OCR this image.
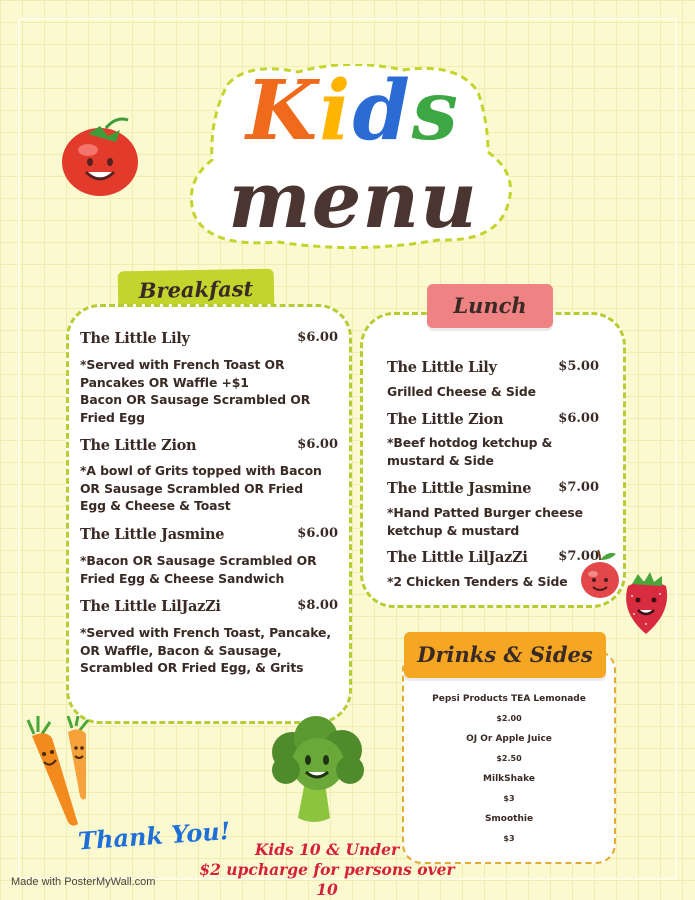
Kids
menu
Breakfast
The Little Lily	$6.00
*Served with French Toast OR
Pancakes OR Waffle +$1
Bacon OR Sausage Scrambled OR
Fried Egg
The Little Zion	$6.00
*A bowl of Grits topped with Bacon
OR Sausage Scrambled OR Fried
Egg & Cheese & Toast
The Little Jasmine	$6.00
*Bacon OR Sausage Scrambled OR
Fried Egg & Cheese Sandwich
The Little LilJazZi	$8.00
*Served with French Toast, Pancake,
OR Waffle, Bacon & Sausage,
Scrambled OR Fried Egg, & Grits
Lunch
The Little Lily	$5.00
Grilled Cheese & Side
The Little Zion	$6.00
*Beef hotdog ketchup &
mustard & Side
The Little Jasmine $7.00
*Hand Patted Burger cheese
ketchup & mustard
The Little LilJazZi $7.00
*2 Chicken Tenders & Side
Drinks & Sides
Pepsi Products TEA Lemonade
$2.00
OJ Or Apple Juice
$2.50
MilkShake
$3
Smoothie
$3
Thank You!	Kids 10 & Under
$2 upcharge for persons over 10
Made with PosterMyWall.com
